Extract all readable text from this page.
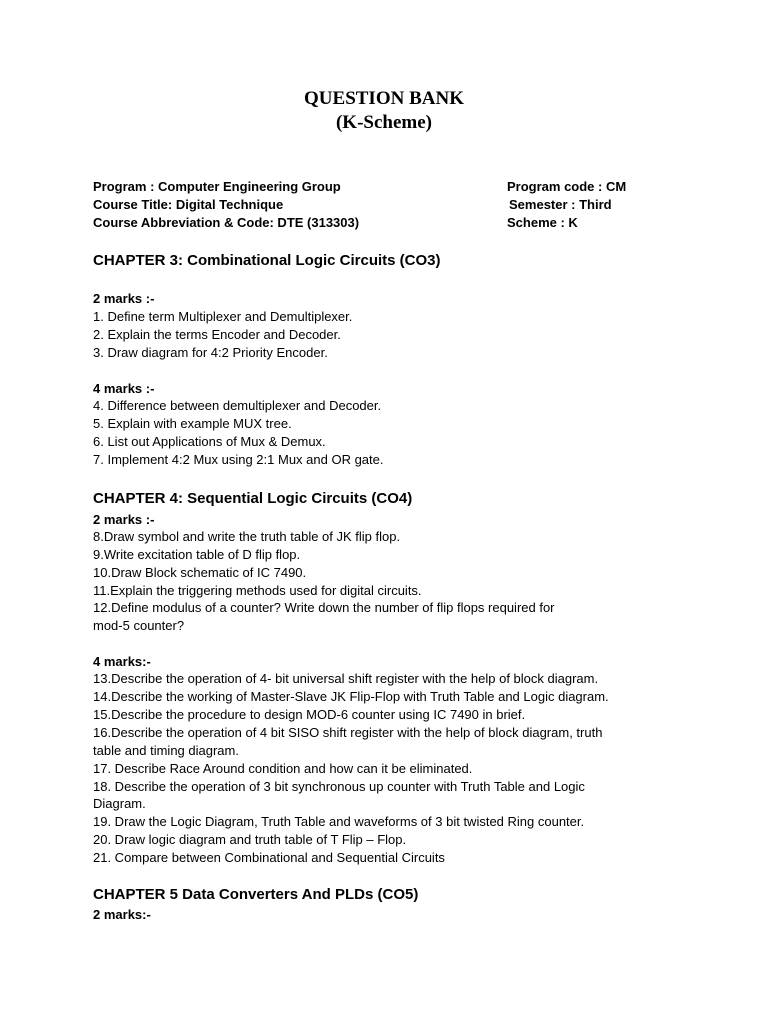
QUESTION BANK
(K-Scheme)
Program : Computer Engineering Group
Course Title: Digital Technique
Course Abbreviation & Code: DTE (313303)
Program code : CM
Semester : Third
Scheme : K
CHAPTER 3: Combinational Logic Circuits (CO3)
2 marks :-
1. Define term Multiplexer and Demultiplexer.
2. Explain the terms Encoder and Decoder.
3. Draw diagram for 4:2 Priority Encoder.
4 marks :-
4. Difference between demultiplexer and Decoder.
5. Explain with example MUX tree.
6. List out Applications of Mux & Demux.
7. Implement 4:2 Mux using 2:1 Mux and OR gate.
CHAPTER 4: Sequential Logic Circuits (CO4)
2 marks :-
8.Draw symbol and write the truth table of JK flip flop.
9.Write excitation table of D flip flop.
10.Draw Block schematic of IC 7490.
11.Explain the triggering methods used for digital circuits.
12.Define modulus of a counter? Write down the number of flip flops required for
mod-5 counter?
4 marks:-
13.Describe the operation of 4- bit universal shift register with the help of block diagram.
14.Describe the working of Master-Slave JK Flip-Flop with Truth Table and Logic diagram.
15.Describe the procedure to design MOD-6 counter using IC 7490 in brief.
16.Describe the operation of 4 bit SISO shift register with the help of block diagram, truth
table and timing diagram.
17. Describe Race Around condition and how can it be eliminated.
18. Describe the operation of 3 bit synchronous up counter with Truth Table and Logic
Diagram.
19. Draw the Logic Diagram, Truth Table and waveforms of 3 bit twisted Ring counter.
20. Draw logic diagram and truth table of T Flip – Flop.
21. Compare between Combinational and Sequential Circuits
CHAPTER 5 Data Converters And PLDs (CO5)
2 marks:-
